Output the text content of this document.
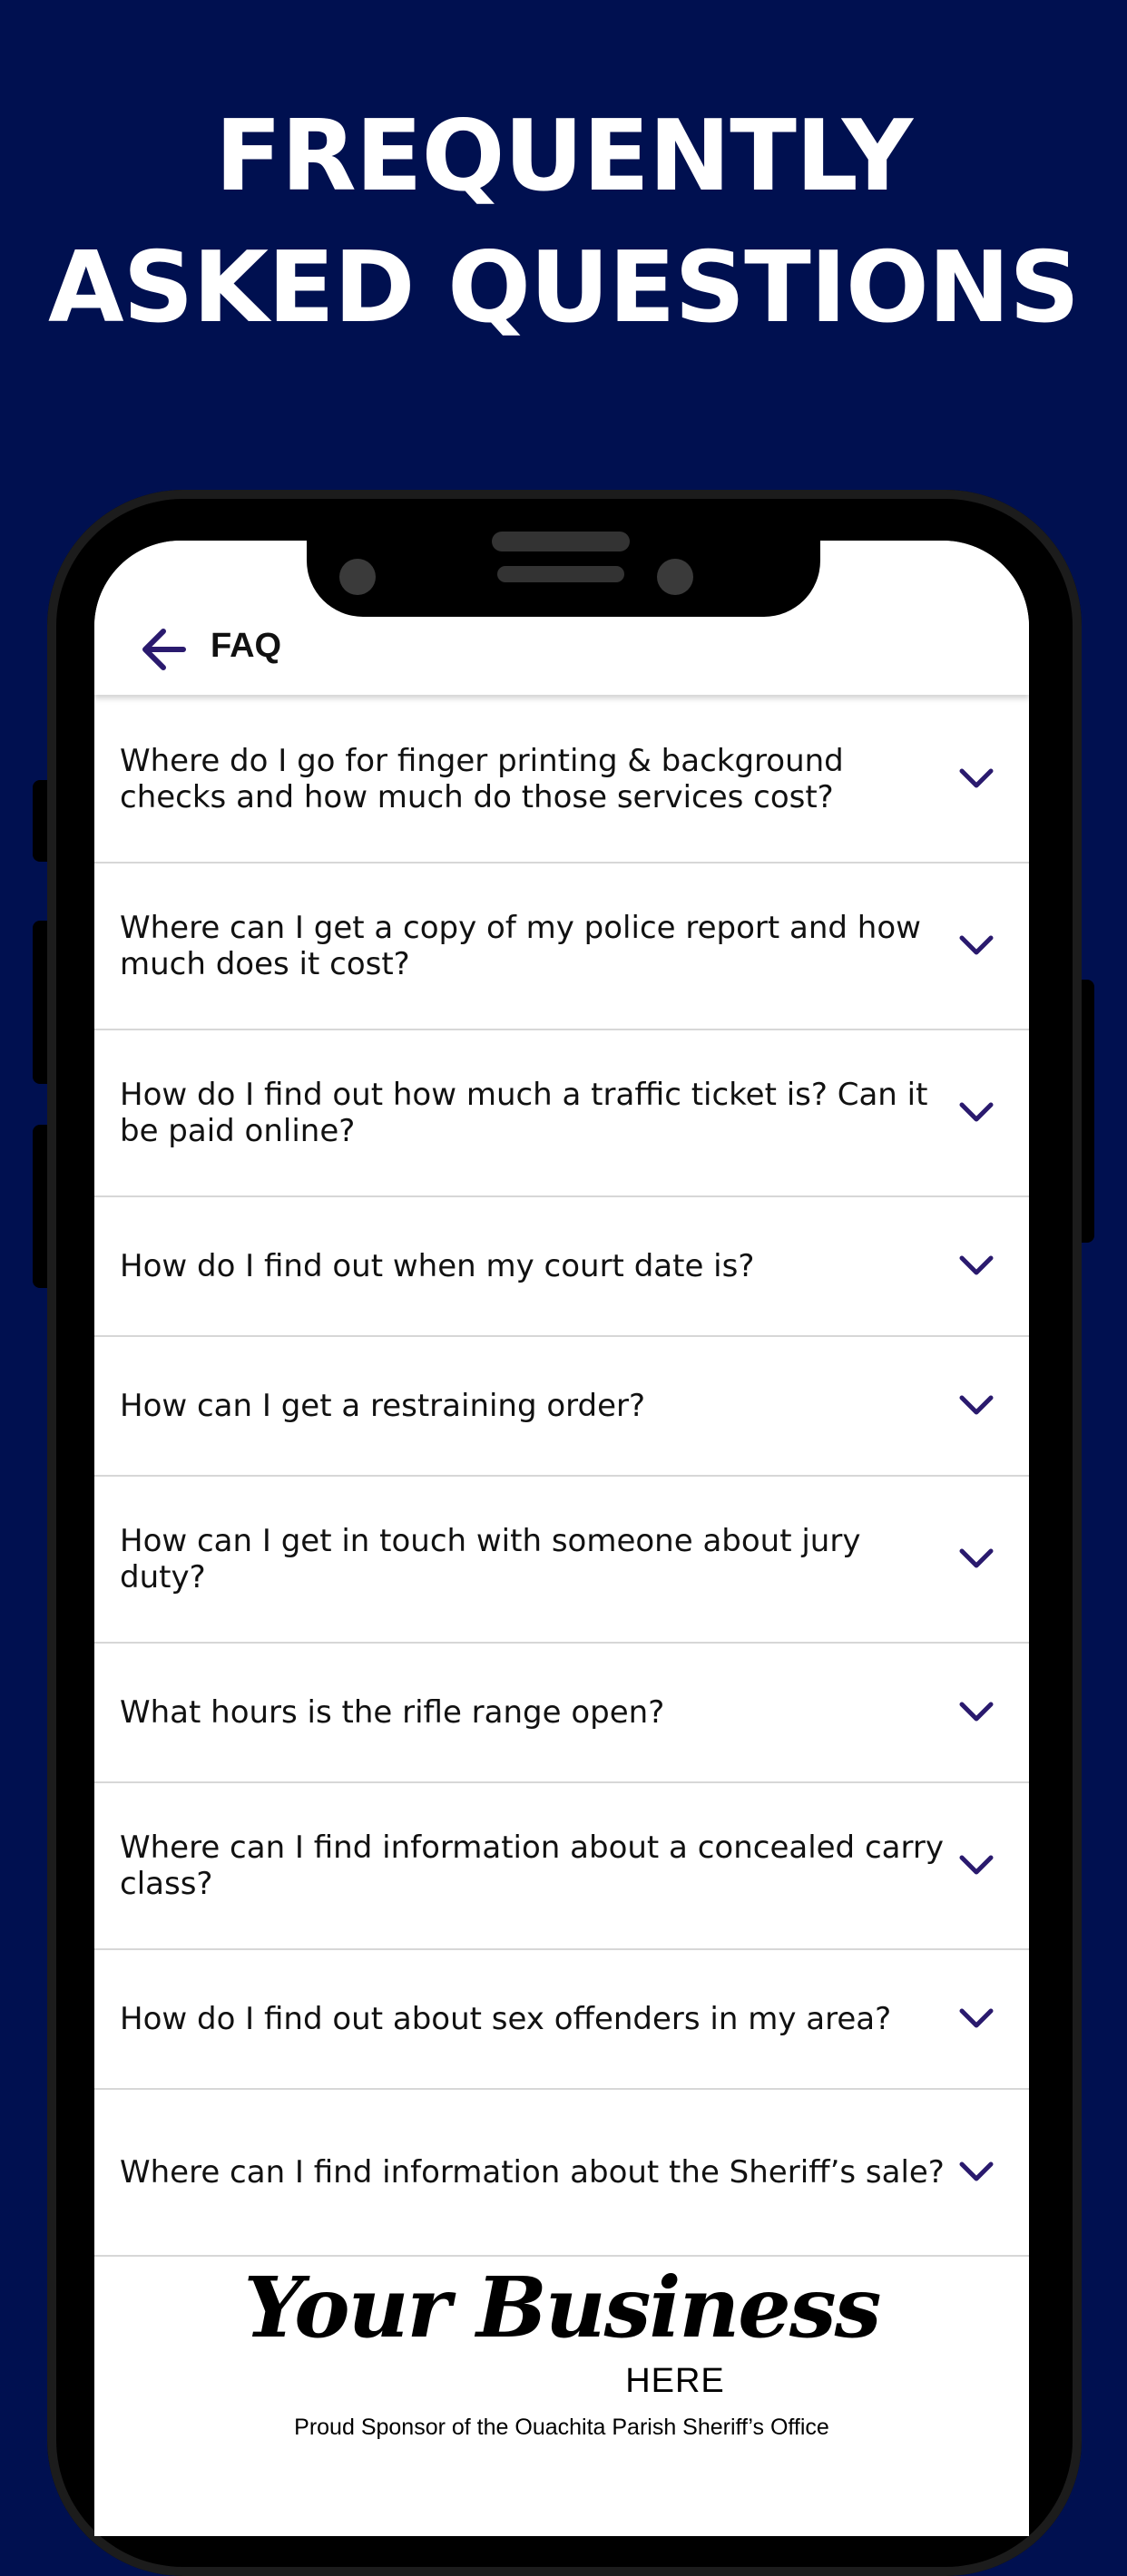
FREQUENTLY
ASKED QUESTIONS
FAQ
Where do I go for finger printing & background checks and how much do those services cost?
Where can I get a copy of my police report and how much does it cost?
How do I find out how much a traffic ticket is? Can it be paid online?
How do I find out when my court date is?
How can I get a restraining order?
How can I get in touch with someone about jury duty?
What hours is the rifle range open?
Where can I find information about a concealed carry class?
How do I find out about sex offenders in my area?
Where can I find information about the Sheriff’s sale?
Your Business
HERE
Proud Sponsor of the Ouachita Parish Sheriff’s Office
